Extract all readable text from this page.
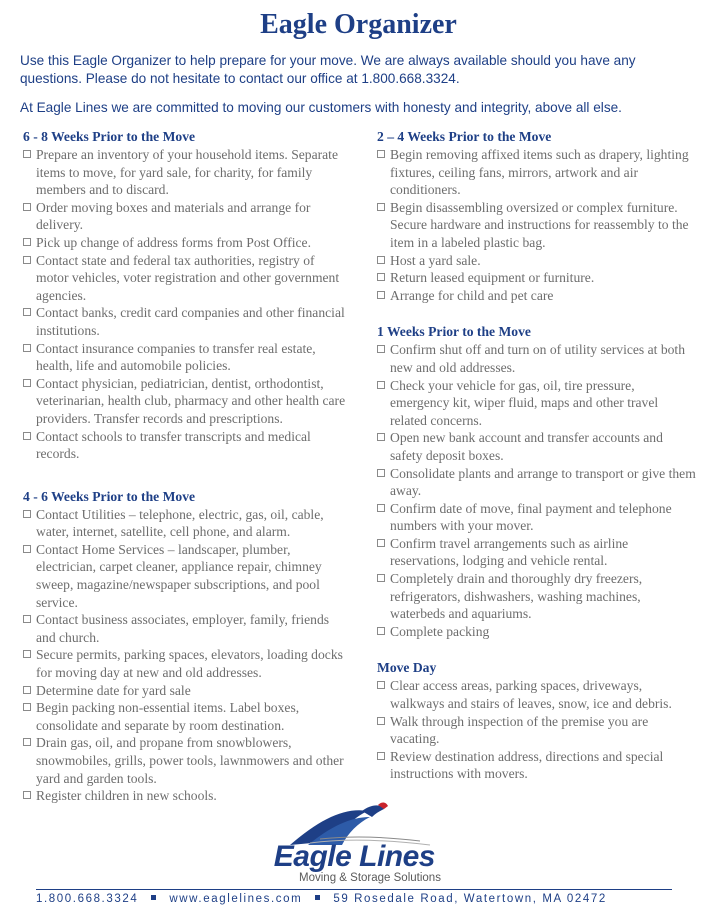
Eagle Organizer

Use this Eagle Organizer to help prepare for your move. We are always available should you have any questions. Please do not hesitate to contact our office at 1.800.668.3324.

At Eagle Lines we are committed to moving our customers with honesty and integrity, above all else.

6 - 8 Weeks Prior to the Move
Prepare an inventory of your household items. Separate items to move, for yard sale, for charity, for family members and to discard.
Order moving boxes and materials and arrange for delivery.
Pick up change of address forms from Post Office.
Contact state and federal tax authorities, registry of motor vehicles, voter registration and other government agencies.
Contact banks, credit card companies and other financial institutions.
Contact insurance companies to transfer real estate, health, life and automobile policies.
Contact physician, pediatrician, dentist, orthodontist, veterinarian, health club, pharmacy and other health care providers. Transfer records and prescriptions.
Contact schools to transfer transcripts and medical records.
4 - 6 Weeks Prior to the Move
Contact Utilities – telephone, electric, gas, oil, cable, water, internet, satellite, cell phone, and alarm.
Contact Home Services – landscaper, plumber, electrician, carpet cleaner, appliance repair, chimney sweep, magazine/newspaper subscriptions, and pool service.
Contact business associates, employer, family, friends and church.
Secure permits, parking spaces, elevators, loading docks for moving day at new and old addresses.
Determine date for yard sale
Begin packing non-essential items. Label boxes, consolidate and separate by room destination.
Drain gas, oil, and propane from snowblowers, snowmobiles, grills, power tools, lawnmowers and other yard and garden tools.
Register children in new schools.
2 – 4 Weeks Prior to the Move
Begin removing affixed items such as drapery, lighting fixtures, ceiling fans, mirrors, artwork and air conditioners.
Begin disassembling oversized or complex furniture. Secure hardware and instructions for reassembly to the item in a labeled plastic bag.
Host a yard sale.
Return leased equipment or furniture.
Arrange for child and pet care
1 Weeks Prior to the Move
Confirm shut off and turn on of utility services at both new and old addresses.
Check your vehicle for gas, oil, tire pressure, emergency kit, wiper fluid, maps and other travel related concerns.
Open new bank account and transfer accounts and safety deposit boxes.
Consolidate plants and arrange to transport or give them away.
Confirm date of move, final payment and telephone numbers with your mover.
Confirm travel arrangements such as airline reservations, lodging and vehicle rental.
Completely drain and thoroughly dry freezers, refrigerators, dishwashers, washing machines, waterbeds and aquariums.
Complete packing
Move Day
Clear access areas, parking spaces, driveways, walkways and stairs of leaves, snow, ice and debris.
Walk through inspection of the premise you are vacating.
Review destination address, directions and special instructions with movers.
Eagle Lines
Moving & Storage Solutions
1.800.668.3324	www.eaglelines.com	59 Rosedale Road, Watertown, MA 02472
